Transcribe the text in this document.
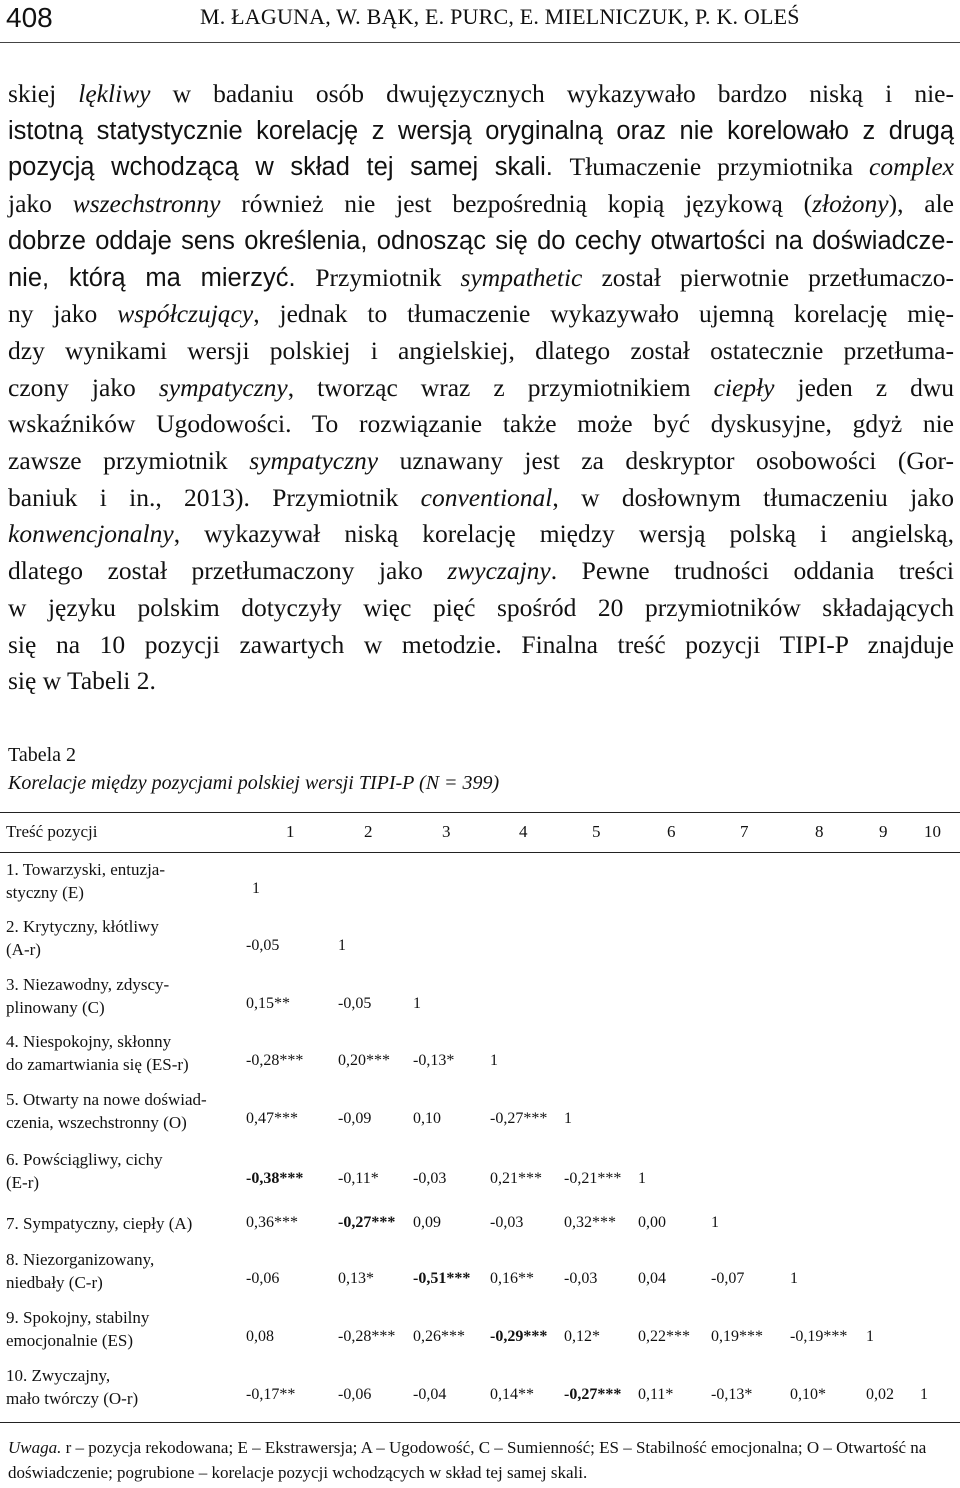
408	M. ŁAGUNA, W. BĄK, E. PURC, E. MIELNICZUK, P. K. OLEŚ
skiej lękliwy w badaniu osób dwujęzycznych wykazywało bardzo niską i nie-
istotną statystycznie korelację z wersją oryginalną oraz nie korelowało z drugą
pozycją wchodzącą w skład tej samej skali. Tłumaczenie przymiotnika complex
jako wszechstronny również nie jest bezpośrednią kopią językową (złożony), ale
dobrze oddaje sens określenia, odnosząc się do cechy otwartości na doświadcze-
nie, którą ma mierzyć. Przymiotnik sympathetic został pierwotnie przetłumaczo-
ny jako współczujący, jednak to tłumaczenie wykazywało ujemną korelację mię-
dzy wynikami wersji polskiej i angielskiej, dlatego został ostatecznie przetłuma-
czony jako sympatyczny, tworząc wraz z przymiotnikiem ciepły jeden z dwu
wskaźników Ugodowości. To rozwiązanie także może być dyskusyjne, gdyż nie
zawsze przymiotnik sympatyczny uznawany jest za deskryptor osobowości (Gor-
baniuk i in., 2013). Przymiotnik conventional, w dosłownym tłumaczeniu jako
konwencjonalny, wykazywał niską korelację między wersją polską i angielską,
dlatego został przetłumaczony jako zwyczajny. Pewne trudności oddania treści
w języku polskim dotyczyły więc pięć spośród 20 przymiotników składających
się na 10 pozycji zawartych w metodzie. Finalna treść pozycji TIPI-P znajduje
się w Tabeli 2.
Tabela 2
Korelacje między pozycjami polskiej wersji TIPI-P (N = 399)
Treść pozycji	1	2	3	4	5	6	7	8	9 10
1. Towarzyski, entuzja-
styczny (E)	1
2. Krytyczny, kłótliwy
(A-r)	-0,05	1
3. Niezawodny, zdyscy-
plinowany (C)	0,15**	-0,05	1
4. Niespokojny, skłonny
do zamartwiania się (ES-r)	-0,28*** 0,20*** -0,13* 1
5. Otwarty na nowe doświad-
czenia, wszechstronny (O)	0,47***	-0,09	0,10	-0,27*** 1
6. Powściągliwy, cichy
(E-r)	-0,38*** -0,11* -0,03	0,21*** -0,21*** 1
7. Sympatyczny, ciepły (A)	0,36***	-0,27*** 0,09	-0,03	0,32*** 0,00	1
8. Niezorganizowany,
niedbały (C-r)	-0,06	0,13* -0,51*** 0,16** -0,03	0,04	-0,07	1
9. Spokojny, stabilny
emocjonalnie (ES)	0,08	-0,28*** 0,26*** -0,29*** 0,12* 0,22*** 0,19*** -0,19*** 1
10. Zwyczajny,
mało twórczy (O-r)	-0,17**	-0,06	-0,04	0,14** -0,27*** 0,11* -0,13* 0,10*	0,02 1
Uwaga. r – pozycja rekodowana; E – Ekstrawersja; A – Ugodowość, C – Sumienność; ES – Stabilność emocjonalna; O – Otwartość na doświadczenie; pogrubione – korelacje pozycji wchodzących w skład tej samej skali.
